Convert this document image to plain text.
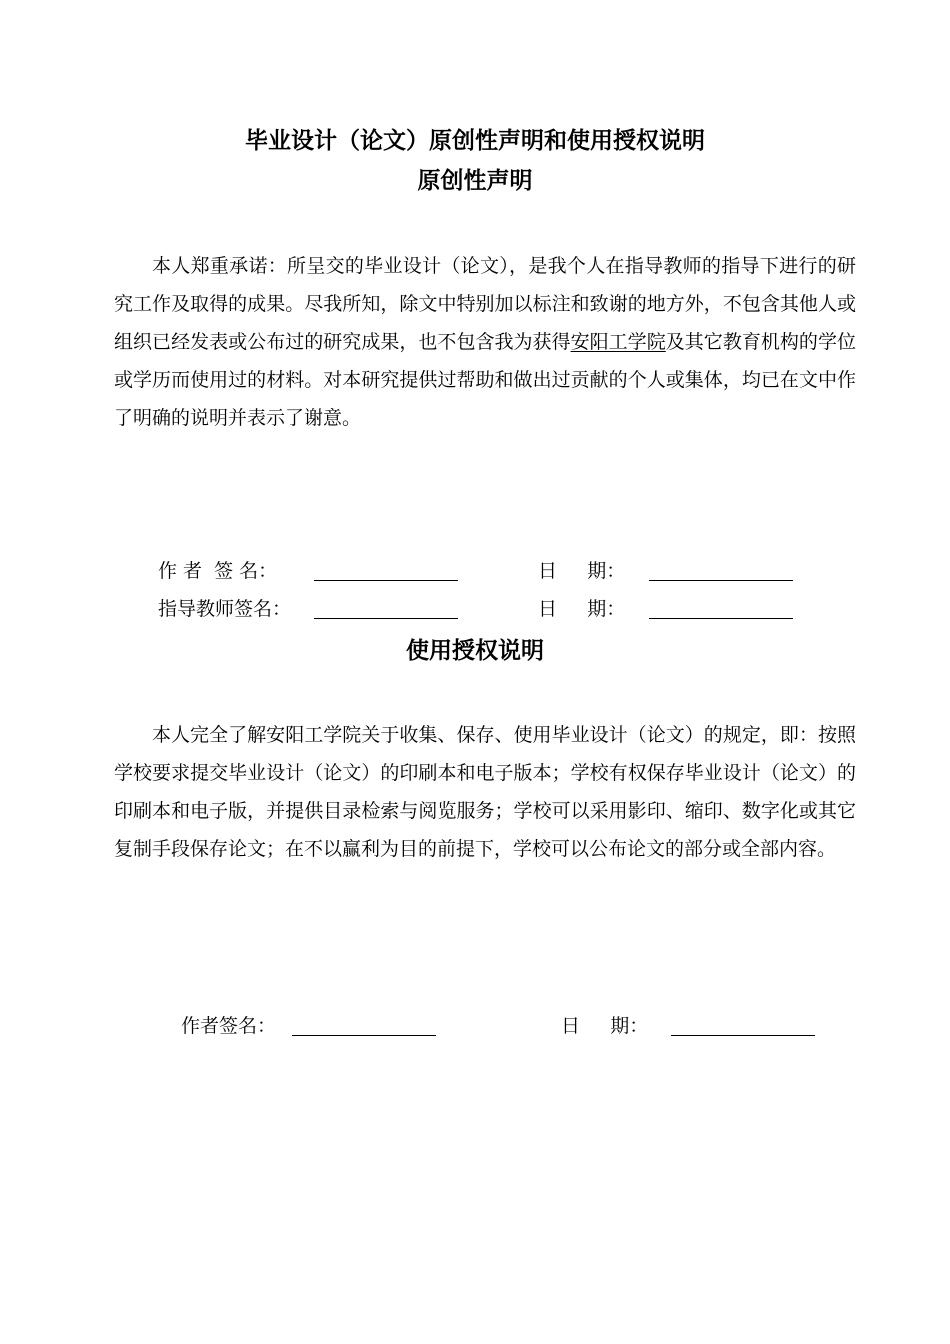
毕业设计（论文）原创性声明和使用授权说明
原创性声明

本人郑重承诺：所呈交的毕业设计（论文），是我个人在指导教师的指导下进行的研究工作及取得的成果。尽我所知，除文中特别加以标注和致谢的地方外，不包含其他人或组织已经发表或公布过的研究成果，也不包含我为获得安阳工学院及其它教育机构的学位或学历而使用过的材料。对本研究提供过帮助和做出过贡献的个人或集体，均已在文中作了明确的说明并表示了谢意。

作 者  签 名：	日     期：
指导教师签名：	日     期：
使用授权说明

本人完全了解安阳工学院关于收集、保存、使用毕业设计（论文）的规定，即：按照学校要求提交毕业设计（论文）的印刷本和电子版本；学校有权保存毕业设计（论文）的印刷本和电子版，并提供目录检索与阅览服务；学校可以采用影印、缩印、数字化或其它复制手段保存论文；在不以赢利为目的前提下，学校可以公布论文的部分或全部内容。

作者签名：	日     期：
